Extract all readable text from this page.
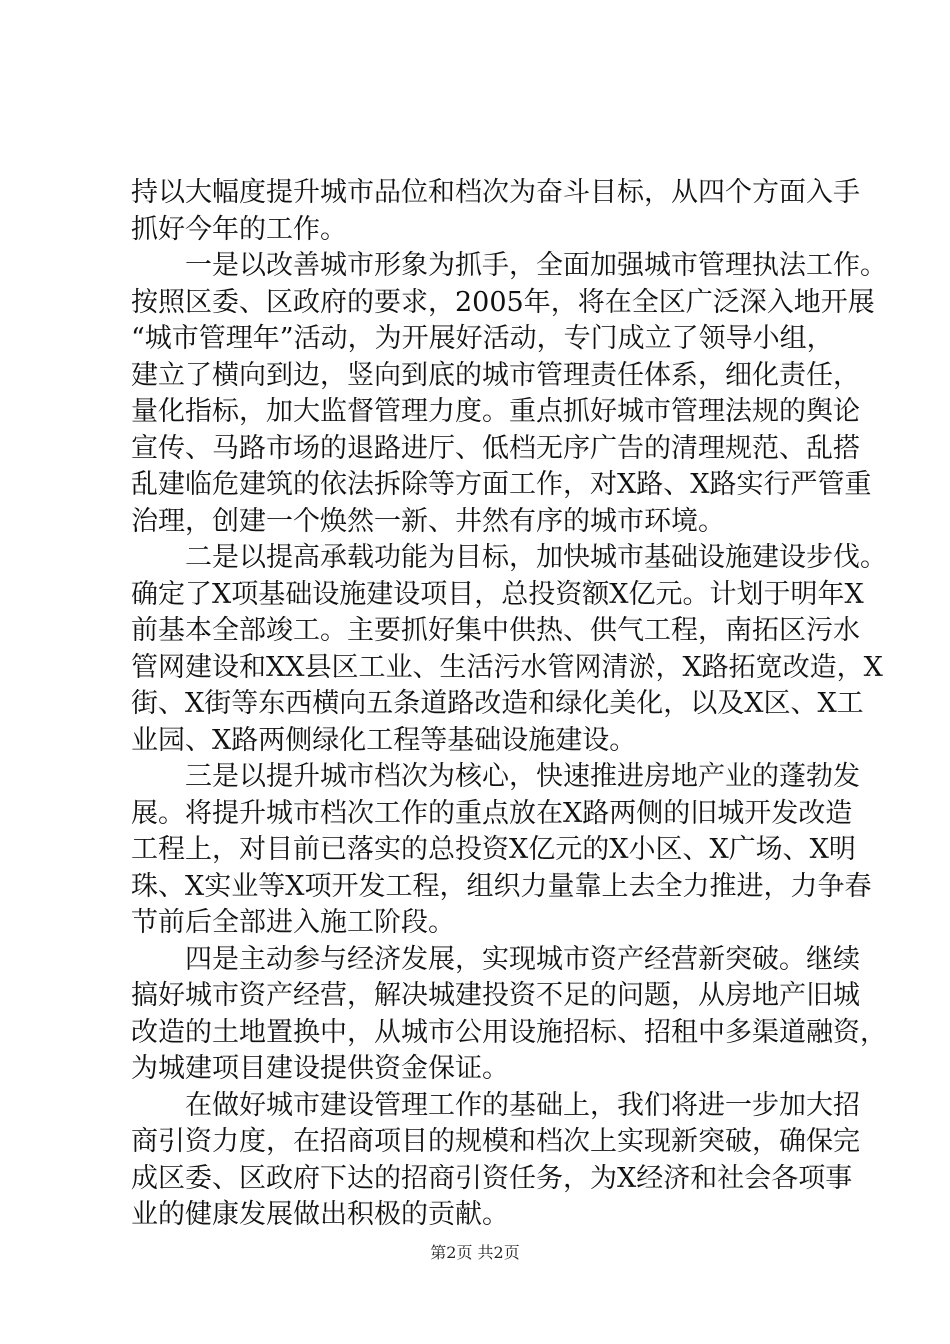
持以大幅度提升城市品位和档次为奋斗目标，从四个方面入手
抓好今年的工作。
　　一是以改善城市形象为抓手，全面加强城市管理执法工作。
按照区委、区政府的要求，2005年，将在全区广泛深入地开展
“城市管理年”活动，为开展好活动，专门成立了领导小组，
建立了横向到边，竖向到底的城市管理责任体系，细化责任，
量化指标，加大监督管理力度。重点抓好城市管理法规的舆论
宣传、马路市场的退路进厅、低档无序广告的清理规范、乱搭
乱建临危建筑的依法拆除等方面工作，对X路、X路实行严管重
治理，创建一个焕然一新、井然有序的城市环境。
　　二是以提高承载功能为目标，加快城市基础设施建设步伐。
确定了X项基础设施建设项目，总投资额X亿元。计划于明年X
前基本全部竣工。主要抓好集中供热、供气工程，南拓区污水
管网建设和XX县区工业、生活污水管网清淤，X路拓宽改造，X
街、X街等东西横向五条道路改造和绿化美化，以及X区、X工
业园、X路两侧绿化工程等基础设施建设。
　　三是以提升城市档次为核心，快速推进房地产业的蓬勃发
展。将提升城市档次工作的重点放在X路两侧的旧城开发改造
工程上，对目前已落实的总投资X亿元的X小区、X广场、X明
珠、X实业等X项开发工程，组织力量靠上去全力推进，力争春
节前后全部进入施工阶段。
　　四是主动参与经济发展，实现城市资产经营新突破。继续
搞好城市资产经营，解决城建投资不足的问题，从房地产旧城
改造的土地置换中，从城市公用设施招标、招租中多渠道融资，
为城建项目建设提供资金保证。
　　在做好城市建设管理工作的基础上，我们将进一步加大招
商引资力度，在招商项目的规模和档次上实现新突破，确保完
成区委、区政府下达的招商引资任务，为X经济和社会各项事
业的健康发展做出积极的贡献。
第2页 共2页
